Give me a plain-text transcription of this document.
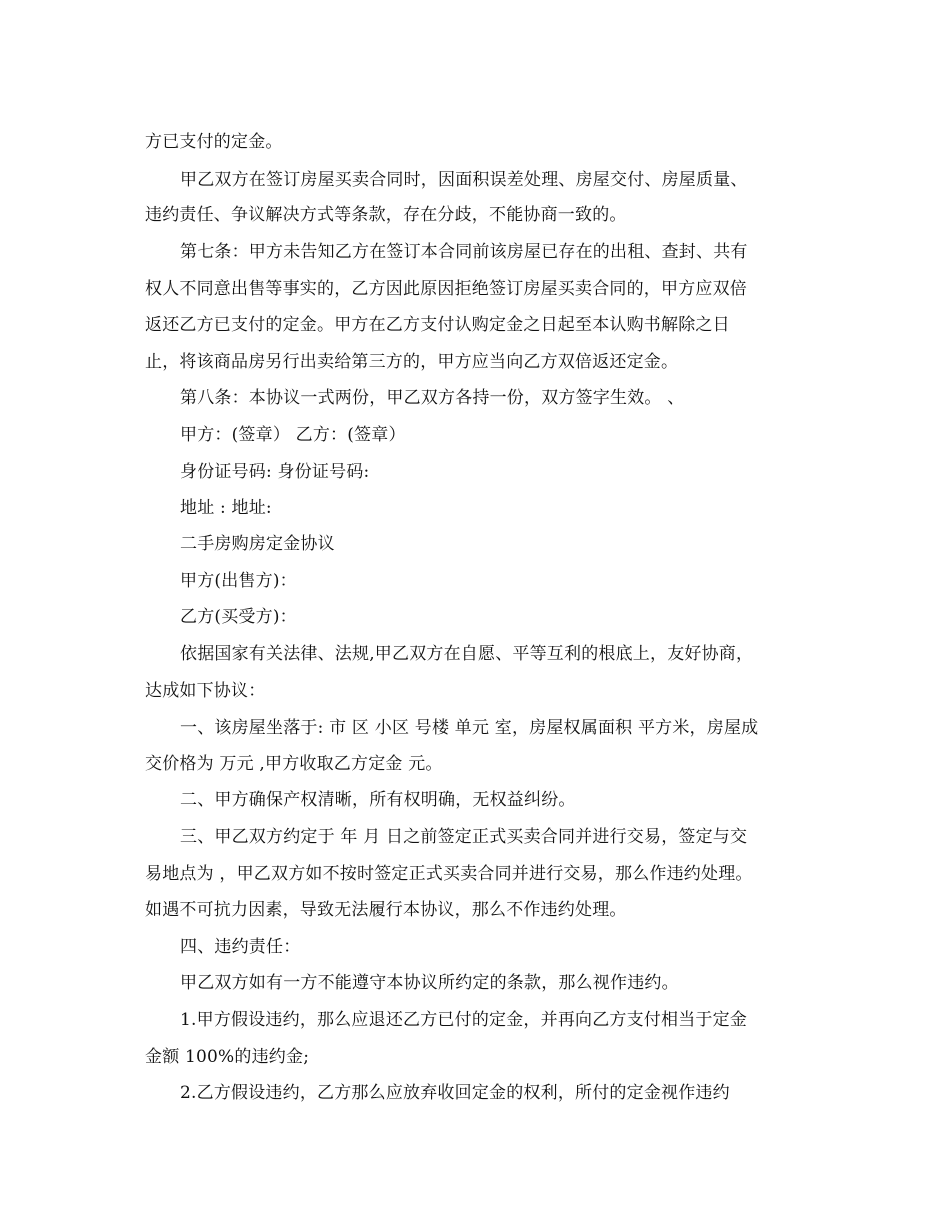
方已支付的定金。
甲乙双方在签订房屋买卖合同时，因面积误差处理、房屋交付、房屋质量、
违约责任、争议解决方式等条款，存在分歧，不能协商一致的。
第七条：甲方未告知乙方在签订本合同前该房屋已存在的出租、查封、共有
权人不同意出售等事实的，乙方因此原因拒绝签订房屋买卖合同的，甲方应双倍
返还乙方已支付的定金。甲方在乙方支付认购定金之日起至本认购书解除之日
止，将该商品房另行出卖给第三方的，甲方应当向乙方双倍返还定金。
第八条：本协议一式两份，甲乙双方各持一份，双方签字生效。 、
甲方：(签章） 乙方：(签章）
身份证号码: 身份证号码:
地址 : 地址:
二手房购房定金协议
甲方(出售方)：
乙方(买受方)：
依据国家有关法律、法规,甲乙双方在自愿、平等互利的根底上，友好协商，
达成如下协议：
一、该房屋坐落于: 市 区 小区 号楼 单元 室，房屋权属面积 平方米，房屋成
交价格为 万元 ,甲方收取乙方定金 元。
二、甲方确保产权清晰，所有权明确，无权益纠纷。
三、甲乙双方约定于 年 月 日之前签定正式买卖合同并进行交易，签定与交
易地点为 ，甲乙双方如不按时签定正式买卖合同并进行交易，那么作违约处理。
如遇不可抗力因素，导致无法履行本协议，那么不作违约处理。
四、违约责任：
甲乙双方如有一方不能遵守本协议所约定的条款，那么视作违约。
1.甲方假设违约，那么应退还乙方已付的定金，并再向乙方支付相当于定金
金额 100%的违约金;
2.乙方假设违约，乙方那么应放弃收回定金的权利，所付的定金视作违约
